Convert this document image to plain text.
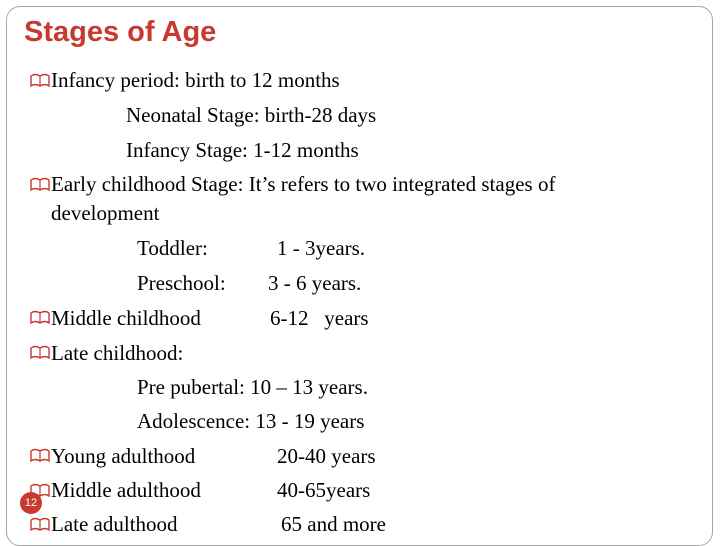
Stages of Age
Infancy period: birth to 12 months
Neonatal Stage: birth-28 days
Infancy Stage: 1-12 months
Early childhood Stage: It’s refers to two integrated stages of
development
Toddler:	1 - 3years.
Preschool: 3 - 6 years.
Middle childhood	6-12   years
Late childhood:
Pre pubertal: 10 – 13 years.
Adolescence: 13 - 19 years
Young adulthood	20-40 years
Middle adulthood	40-65years
Late adulthood	65 and more
12
